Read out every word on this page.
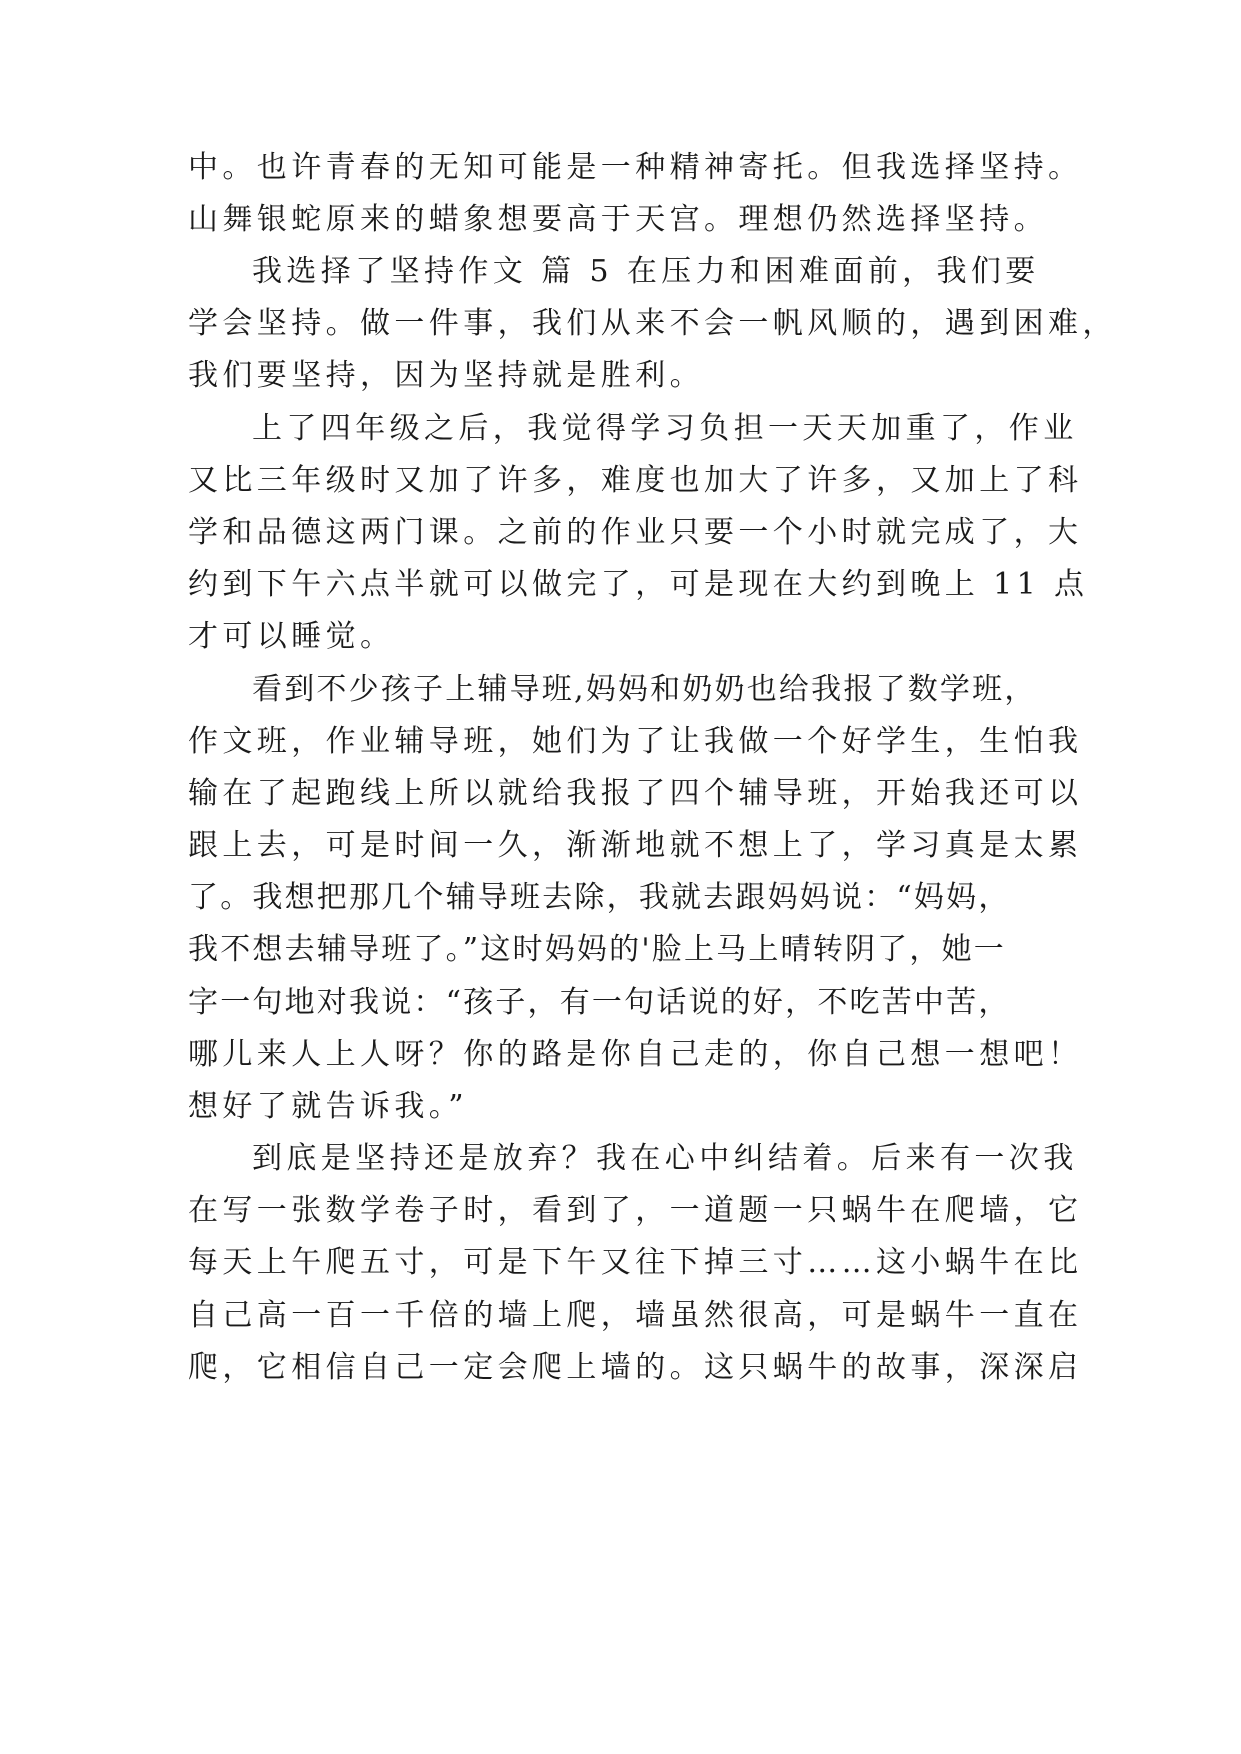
中。也许青春的无知可能是一种精神寄托。但我选择坚持。
山舞银蛇原来的蜡象想要高于天宫。理想仍然选择坚持。
我选择了坚持作文 篇 5 在压力和困难面前，我们要
学会坚持。做一件事，我们从来不会一帆风顺的，遇到困难，
我们要坚持，因为坚持就是胜利。
上了四年级之后，我觉得学习负担一天天加重了，作业
又比三年级时又加了许多，难度也加大了许多，又加上了科
学和品德这两门课。之前的作业只要一个小时就完成了，大
约到下午六点半就可以做完了，可是现在大约到晚上 11 点
才可以睡觉。
看到不少孩子上辅导班,妈妈和奶奶也给我报了数学班，
作文班，作业辅导班，她们为了让我做一个好学生，生怕我
输在了起跑线上所以就给我报了四个辅导班，开始我还可以
跟上去，可是时间一久，渐渐地就不想上了，学习真是太累
了。我想把那几个辅导班去除，我就去跟妈妈说：“妈妈，
我不想去辅导班了。”这时妈妈的'脸上马上晴转阴了，她一
字一句地对我说：“孩子，有一句话说的好，不吃苦中苦，
哪儿来人上人呀？你的路是你自己走的，你自己想一想吧！
想好了就告诉我。”
到底是坚持还是放弃？我在心中纠结着。后来有一次我
在写一张数学卷子时，看到了，一道题一只蜗牛在爬墙，它
每天上午爬五寸，可是下午又往下掉三寸……这小蜗牛在比
自己高一百一千倍的墙上爬，墙虽然很高，可是蜗牛一直在
爬，它相信自己一定会爬上墙的。这只蜗牛的故事，深深启
